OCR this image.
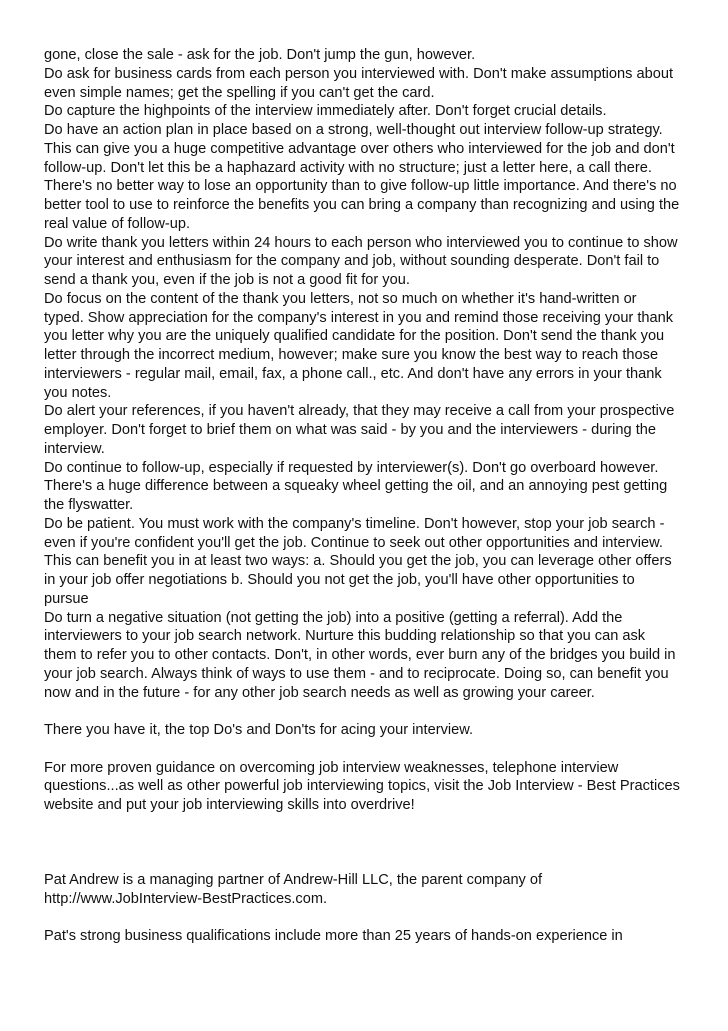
gone, close the sale - ask for the job. Don't jump the gun, however.
Do ask for business cards from each person you interviewed with. Don't make assumptions about
even simple names; get the spelling if you can't get the card.
Do capture the highpoints of the interview immediately after. Don't forget crucial details.
Do have an action plan in place based on a strong, well-thought out interview follow-up strategy.
This can give you a huge competitive advantage over others who interviewed for the job and don't
follow-up. Don't let this be a haphazard activity with no structure; just a letter here, a call there.
There's no better way to lose an opportunity than to give follow-up little importance. And there's no
better tool to use to reinforce the benefits you can bring a company than recognizing and using the
real value of follow-up.
Do write thank you letters within 24 hours to each person who interviewed you to continue to show
your interest and enthusiasm for the company and job, without sounding desperate. Don't fail to
send a thank you, even if the job is not a good fit for you.
Do focus on the content of the thank you letters, not so much on whether it's hand-written or
typed. Show appreciation for the company's interest in you and remind those receiving your thank
you letter why you are the uniquely qualified candidate for the position. Don't send the thank you
letter through the incorrect medium, however; make sure you know the best way to reach those
interviewers - regular mail, email, fax, a phone call., etc. And don't have any errors in your thank
you notes.
Do alert your references, if you haven't already, that they may receive a call from your prospective
employer. Don't forget to brief them on what was said - by you and the interviewers - during the
interview.
Do continue to follow-up, especially if requested by interviewer(s). Don't go overboard however.
There's a huge difference between a squeaky wheel getting the oil, and an annoying pest getting
the flyswatter.
Do be patient. You must work with the company's timeline. Don't however, stop your job search -
even if you're confident you'll get the job. Continue to seek out other opportunities and interview.
This can benefit you in at least two ways: a. Should you get the job, you can leverage other offers
in your job offer negotiations b. Should you not get the job, you'll have other opportunities to
pursue
Do turn a negative situation (not getting the job) into a positive (getting a referral). Add the
interviewers to your job search network. Nurture this budding relationship so that you can ask
them to refer you to other contacts. Don't, in other words, ever burn any of the bridges you build in
your job search. Always think of ways to use them - and to reciprocate. Doing so, can benefit you
now and in the future - for any other job search needs as well as growing your career.
There you have it, the top Do's and Don'ts for acing your interview.
For more proven guidance on overcoming job interview weaknesses, telephone interview
questions...as well as other powerful job interviewing topics, visit the Job Interview - Best Practices
website and put your job interviewing skills into overdrive!
Pat Andrew is a managing partner of Andrew-Hill LLC, the parent company of
http://www.JobInterview-BestPractices.com.
Pat's strong business qualifications include more than 25 years of hands-on experience in
